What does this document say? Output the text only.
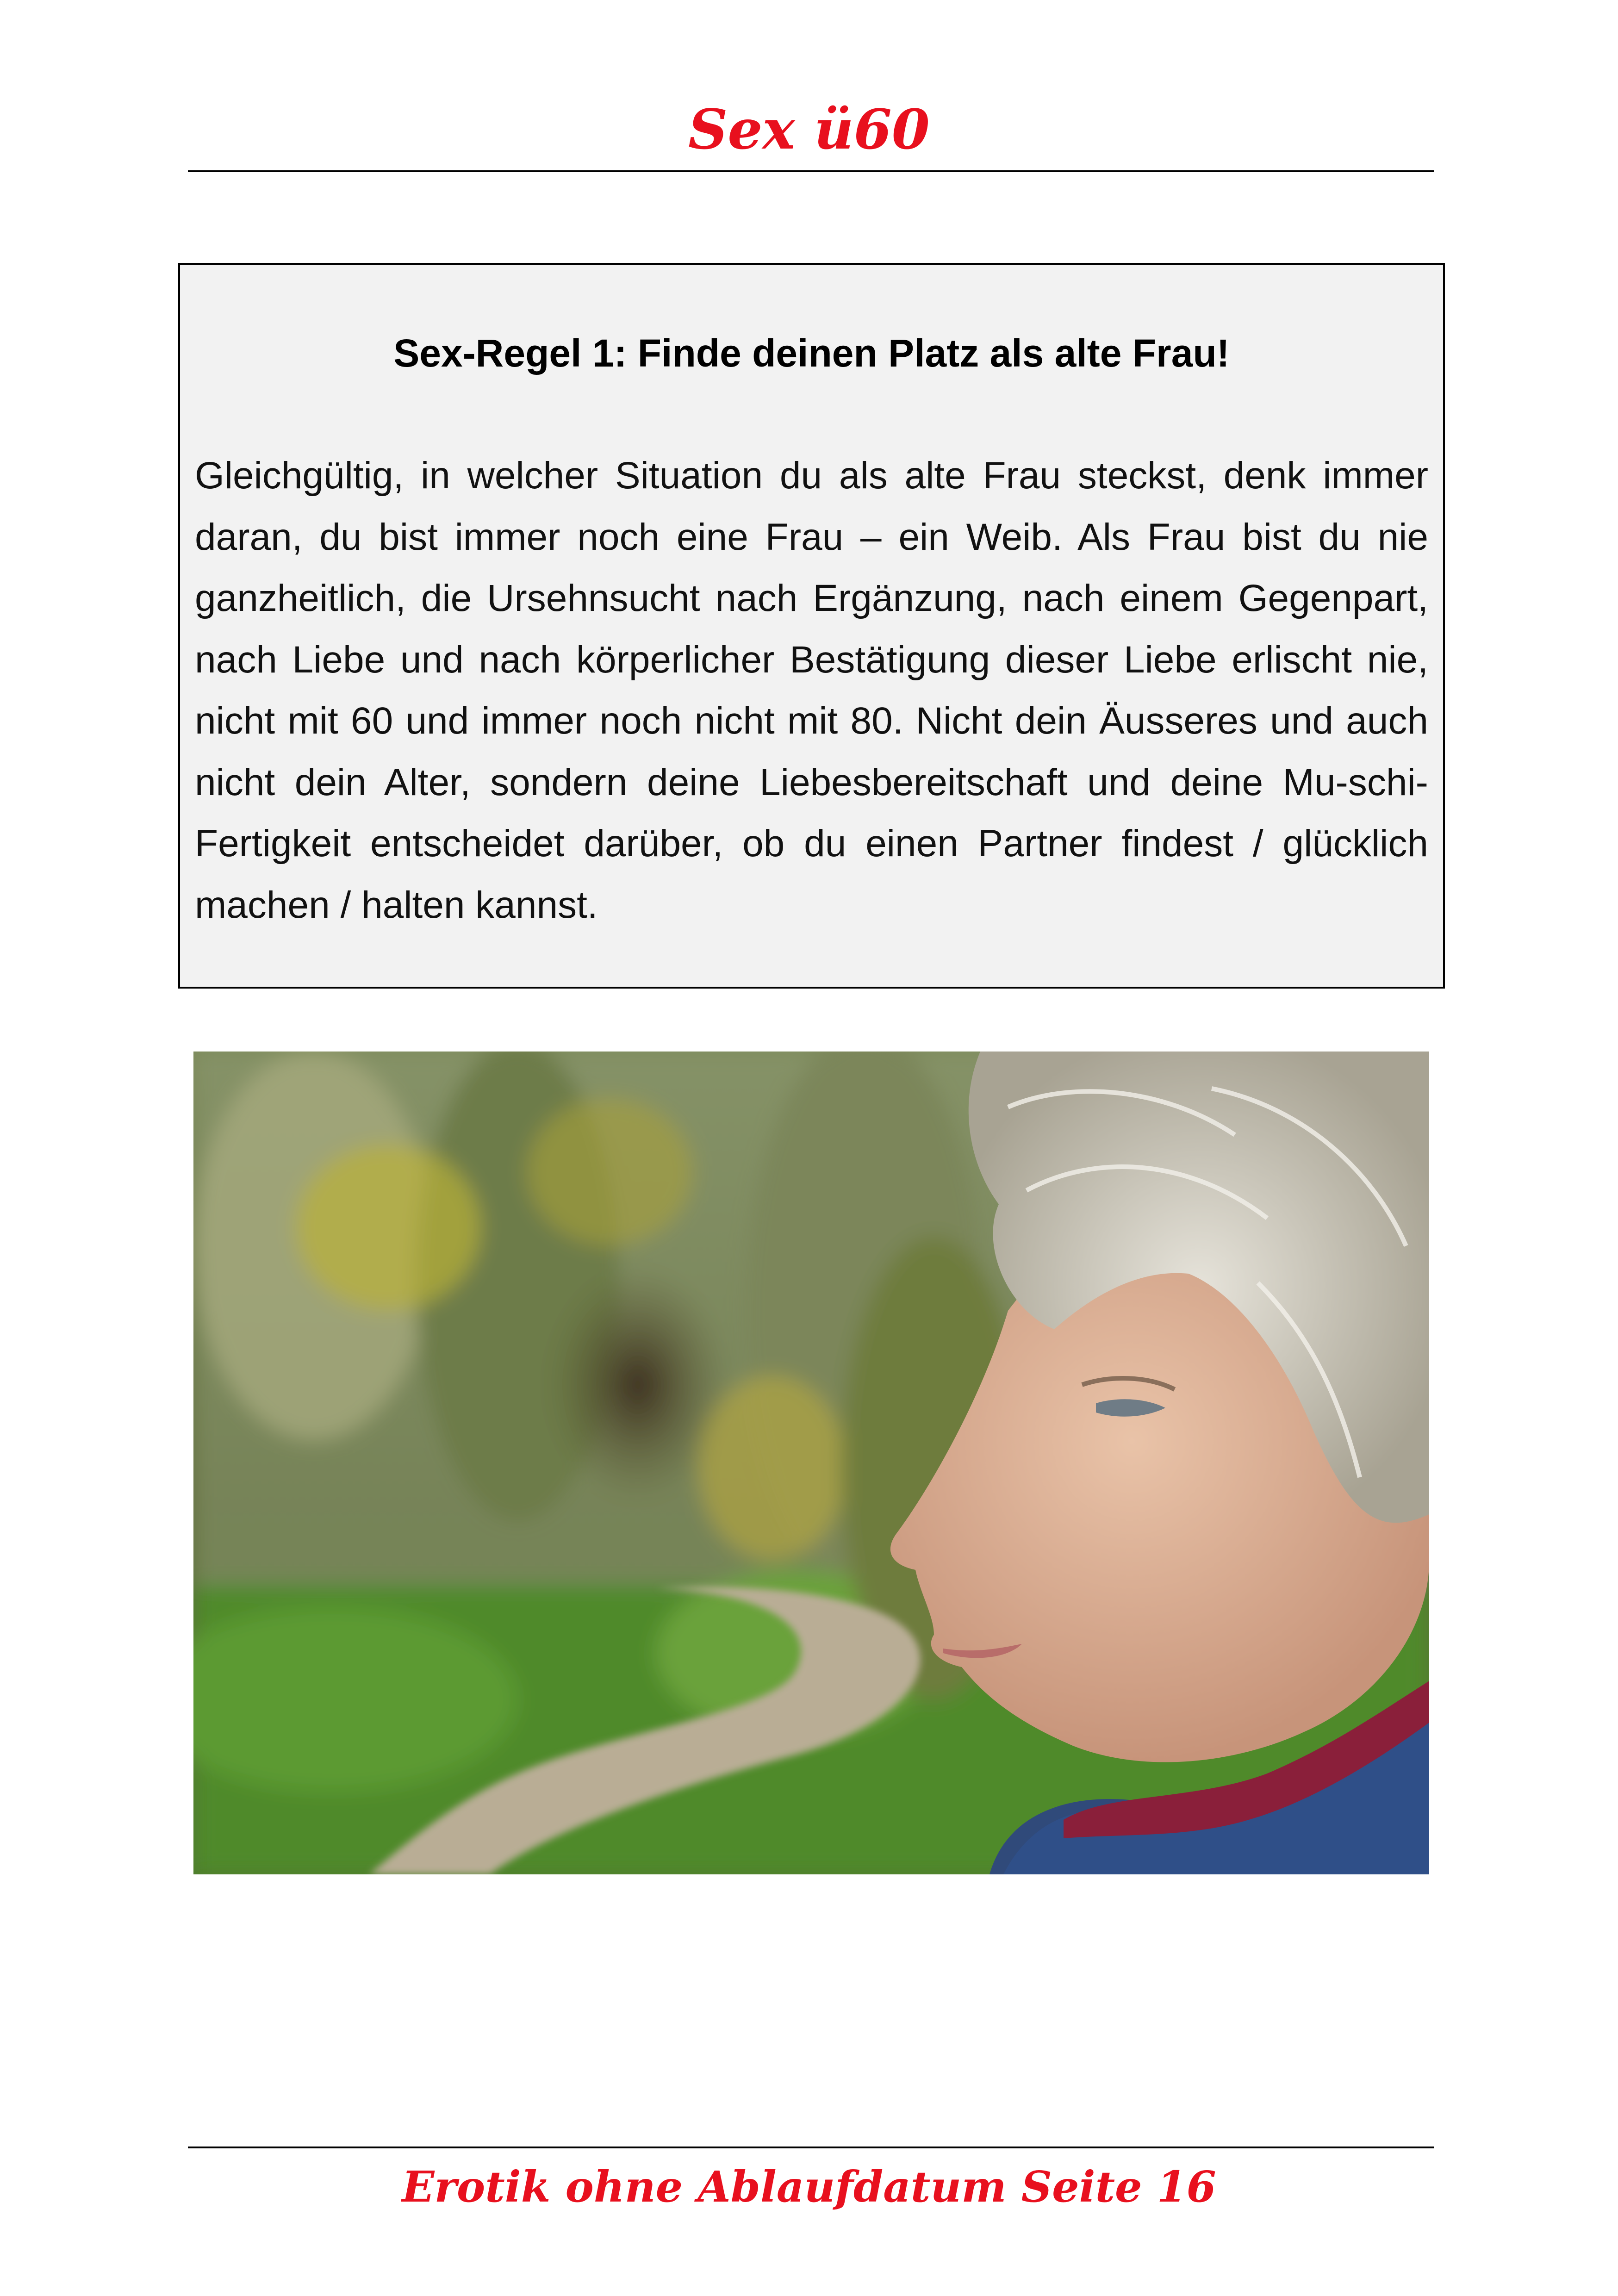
Sex ü60
Sex-Regel 1: Finde deinen Platz als alte Frau!
Gleichgültig, in welcher Situation du als alte Frau steckst, denk immer daran, du bist immer noch eine Frau – ein Weib. Als Frau bist du nie ganzheitlich, die Ursehnsucht nach Ergänzung, nach einem Gegenpart, nach Liebe und nach körperlicher Bestätigung dieser Liebe erlischt nie, nicht mit 60 und immer noch nicht mit 80. Nicht dein Äusseres und auch nicht dein Alter, sondern deine Liebesbereitschaft und deine Mu-schi-Fertigkeit entscheidet darüber, ob du einen Partner findest / glücklich machen / halten kannst.
Erotik ohne Ablaufdatum Seite 16
